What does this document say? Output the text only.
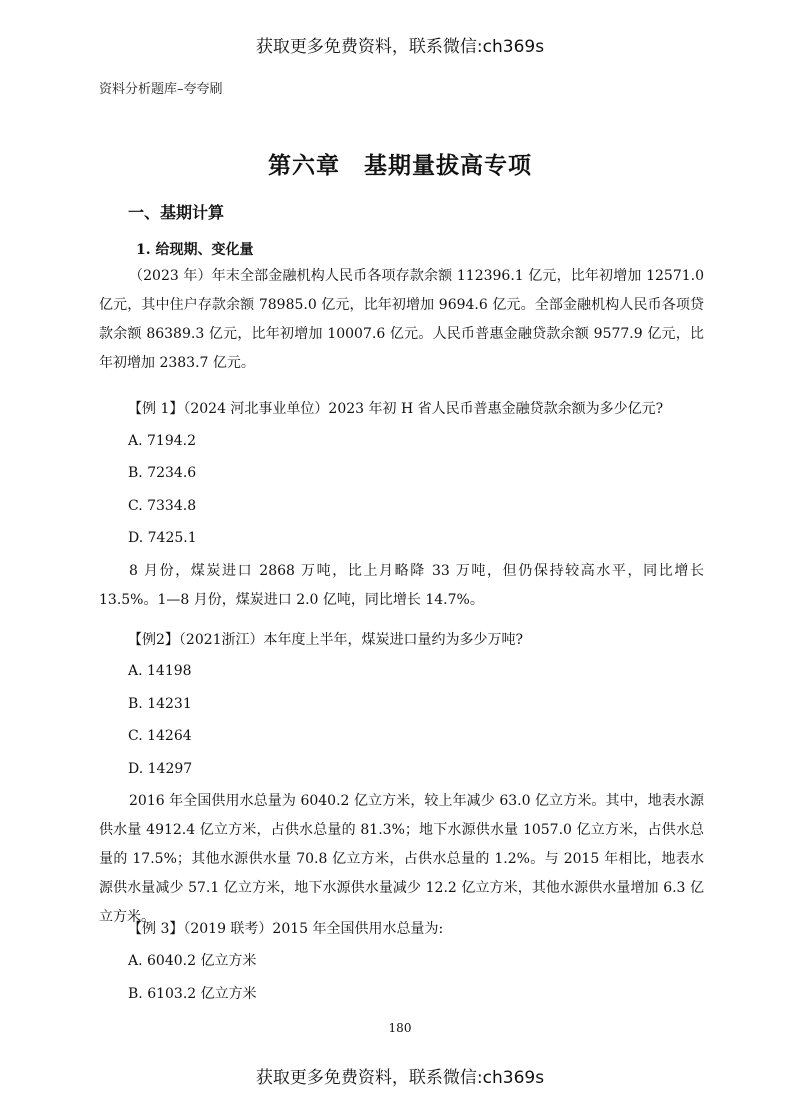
获取更多免费资料，联系微信:ch369s
资料分析题库–夸夸刷
第六章　基期量拔高专项
一、基期计算
1. 给现期、变化量
（2023 年）年末全部金融机构人民币各项存款余额 112396.1 亿元，比年初增加 12571.0 亿元，其中住户存款余额 78985.0 亿元，比年初增加 9694.6 亿元。全部金融机构人民币各项贷款余额 86389.3 亿元，比年初增加 10007.6 亿元。人民币普惠金融贷款余额 9577.9 亿元，比年初增加 2383.7 亿元。
【例 1】（2024 河北事业单位）2023 年初 H 省人民币普惠金融贷款余额为多少亿元?
A. 7194.2
B. 7234.6
C. 7334.8
D. 7425.1
8 月份，煤炭进口 2868 万吨，比上月略降 33 万吨，但仍保持较高水平，同比增长 13.5%。1—8 月份，煤炭进口 2.0 亿吨，同比增长 14.7%。
【例2】（2021浙江）本年度上半年，煤炭进口量约为多少万吨?
A. 14198
B. 14231
C. 14264
D. 14297
2016 年全国供用水总量为 6040.2 亿立方米，较上年减少 63.0 亿立方米。其中，地表水源供水量 4912.4 亿立方米，占供水总量的 81.3%；地下水源供水量 1057.0 亿立方米，占供水总量的 17.5%；其他水源供水量 70.8 亿立方米，占供水总量的 1.2%。与 2015 年相比，地表水源供水量减少 57.1 亿立方米，地下水源供水量减少 12.2 亿立方米，其他水源供水量增加 6.3 亿立方米。
【例 3】（2019 联考）2015 年全国供用水总量为:
A. 6040.2 亿立方米
B. 6103.2 亿立方米
180
获取更多免费资料，联系微信:ch369s
